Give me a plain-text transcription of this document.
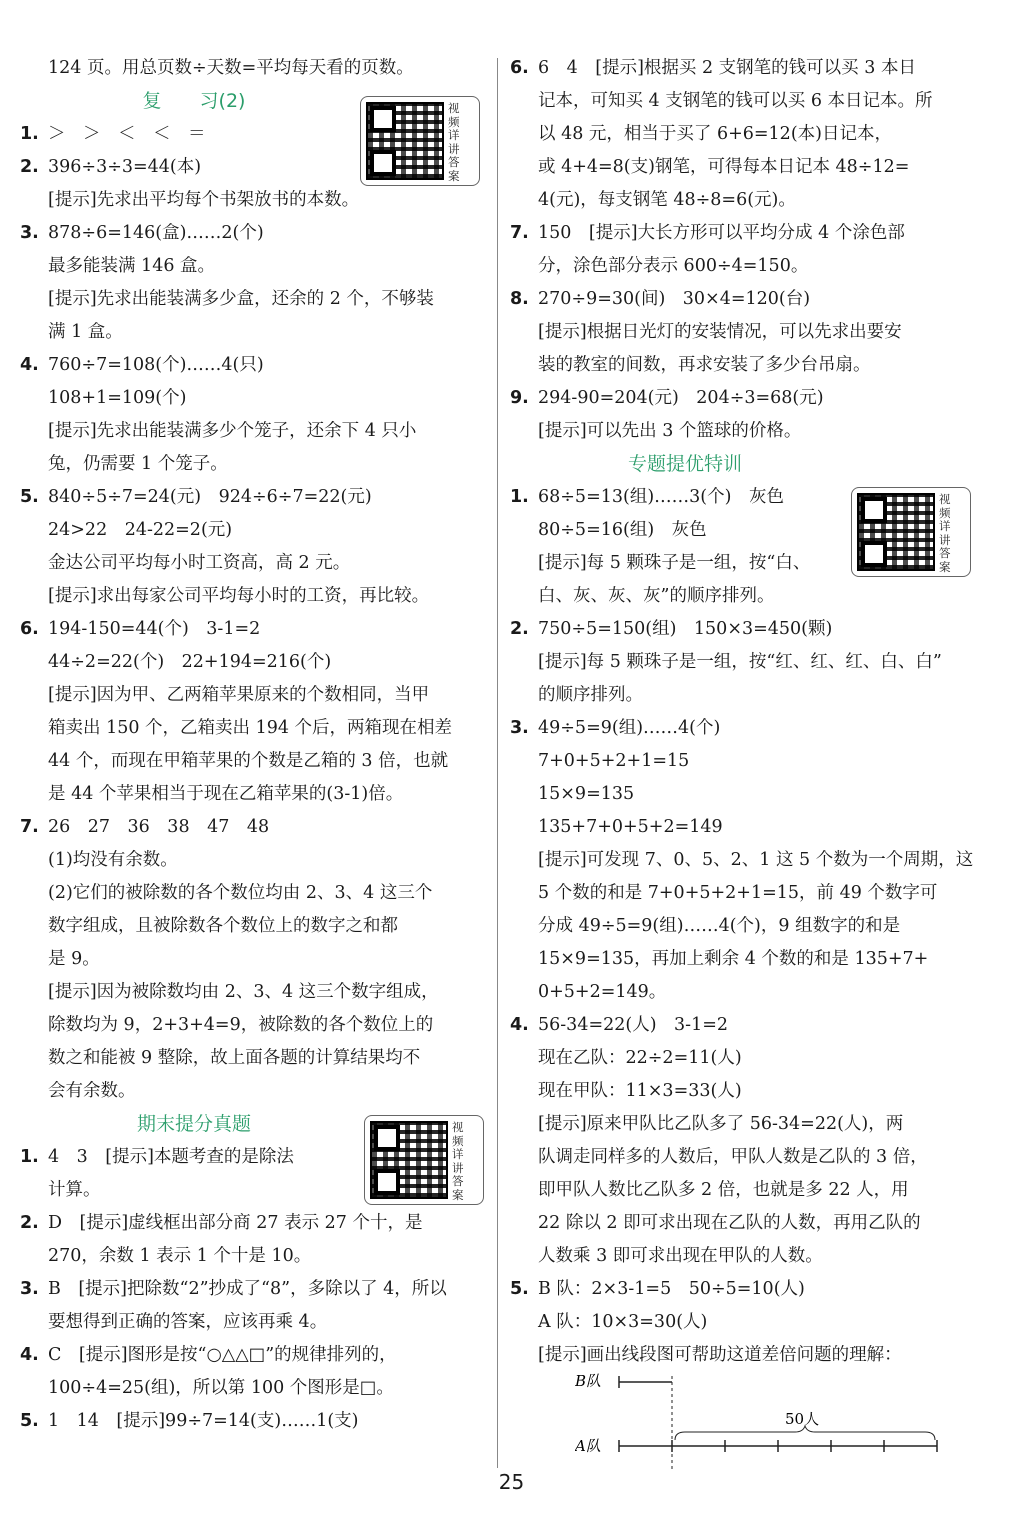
124 页。用总页数÷天数=平均每天看的页数。
复　　习(2)
1. ＞　＞　＜　＜　＝
2. 396÷3÷3=44(本)
[提示]先求出平均每个书架放书的本数。
3. 878÷6=146(盒)……2(个)
最多能装满 146 盒。
[提示]先求出能装满多少盒，还余的 2 个，不够装
满 1 盒。
4. 760÷7=108(个)……4(只)
108+1=109(个)
[提示]先求出能装满多少个笼子，还余下 4 只小
兔，仍需要 1 个笼子。
5. 840÷5÷7=24(元)　924÷6÷7=22(元)
24>22　24-22=2(元)
金达公司平均每小时工资高，高 2 元。
[提示]求出每家公司平均每小时的工资，再比较。
6. 194-150=44(个)　3-1=2
44÷2=22(个)　22+194=216(个)
[提示]因为甲、乙两箱苹果原来的个数相同，当甲
箱卖出 150 个，乙箱卖出 194 个后，两箱现在相差
44 个，而现在甲箱苹果的个数是乙箱的 3 倍，也就
是 44 个苹果相当于现在乙箱苹果的(3-1)倍。
7. 26　27　36　38　47　48
(1)均没有余数。
(2)它们的被除数的各个数位均由 2、3、4 这三个
数字组成，且被除数各个数位上的数字之和都
是 9。
[提示]因为被除数均由 2、3、4 这三个数字组成，
除数均为 9，2+3+4=9，被除数的各个数位上的
数之和能被 9 整除，故上面各题的计算结果均不
会有余数。
期末提分真题
1. 4　3　[提示]本题考查的是除法
计算。
2. D　[提示]虚线框出部分商 27 表示 27 个十，是
270，余数 1 表示 1 个十是 10。
3. B　[提示]把除数“2”抄成了“8”，多除以了 4，所以
要想得到正确的答案，应该再乘 4。
4. C　[提示]图形是按“○△△□”的规律排列的，
100÷4=25(组)，所以第 100 个图形是□。
5. 1　14　[提示]99÷7=14(支)……1(支)
6. 6　4　[提示]根据买 2 支钢笔的钱可以买 3 本日
记本，可知买 4 支钢笔的钱可以买 6 本日记本。所
以 48 元，相当于买了 6+6=12(本)日记本，
或 4+4=8(支)钢笔，可得每本日记本 48÷12=
4(元)，每支钢笔 48÷8=6(元)。
7. 150　[提示]大长方形可以平均分成 4 个涂色部
分，涂色部分表示 600÷4=150。
8. 270÷9=30(间)　30×4=120(台)
[提示]根据日光灯的安装情况，可以先求出要安
装的教室的间数，再求安装了多少台吊扇。
9. 294-90=204(元)　204÷3=68(元)
[提示]可以先出 3 个篮球的价格。
专题提优特训
1. 68÷5=13(组)……3(个)　灰色
80÷5=16(组)　灰色
[提示]每 5 颗珠子是一组，按“白、
白、灰、灰、灰”的顺序排列。
2. 750÷5=150(组)　150×3=450(颗)
[提示]每 5 颗珠子是一组，按“红、红、红、白、白”
的顺序排列。
3. 49÷5=9(组)……4(个)
7+0+5+2+1=15
15×9=135
135+7+0+5+2=149
[提示]可发现 7、0、5、2、1 这 5 个数为一个周期，这
5 个数的和是 7+0+5+2+1=15，前 49 个数字可
分成 49÷5=9(组)……4(个)，9 组数字的和是
15×9=135，再加上剩余 4 个数的和是 135+7+
0+5+2=149。
4. 56-34=22(人)　3-1=2
现在乙队：22÷2=11(人)
现在甲队：11×3=33(人)
[提示]原来甲队比乙队多了 56-34=22(人)，两
队调走同样多的人数后，甲队人数是乙队的 3 倍，
即甲队人数比乙队多 2 倍，也就是多 22 人，用
22 除以 2 即可求出现在乙队的人数，再用乙队的
人数乘 3 即可求出现在甲队的人数。
5. B 队：2×3-1=5　50÷5=10(人)
A 队：10×3=30(人)
[提示]画出线段图可帮助这道差倍问题的理解：
视频详讲答案
视频详讲答案
视频详讲答案
B队
50人
A队
25
